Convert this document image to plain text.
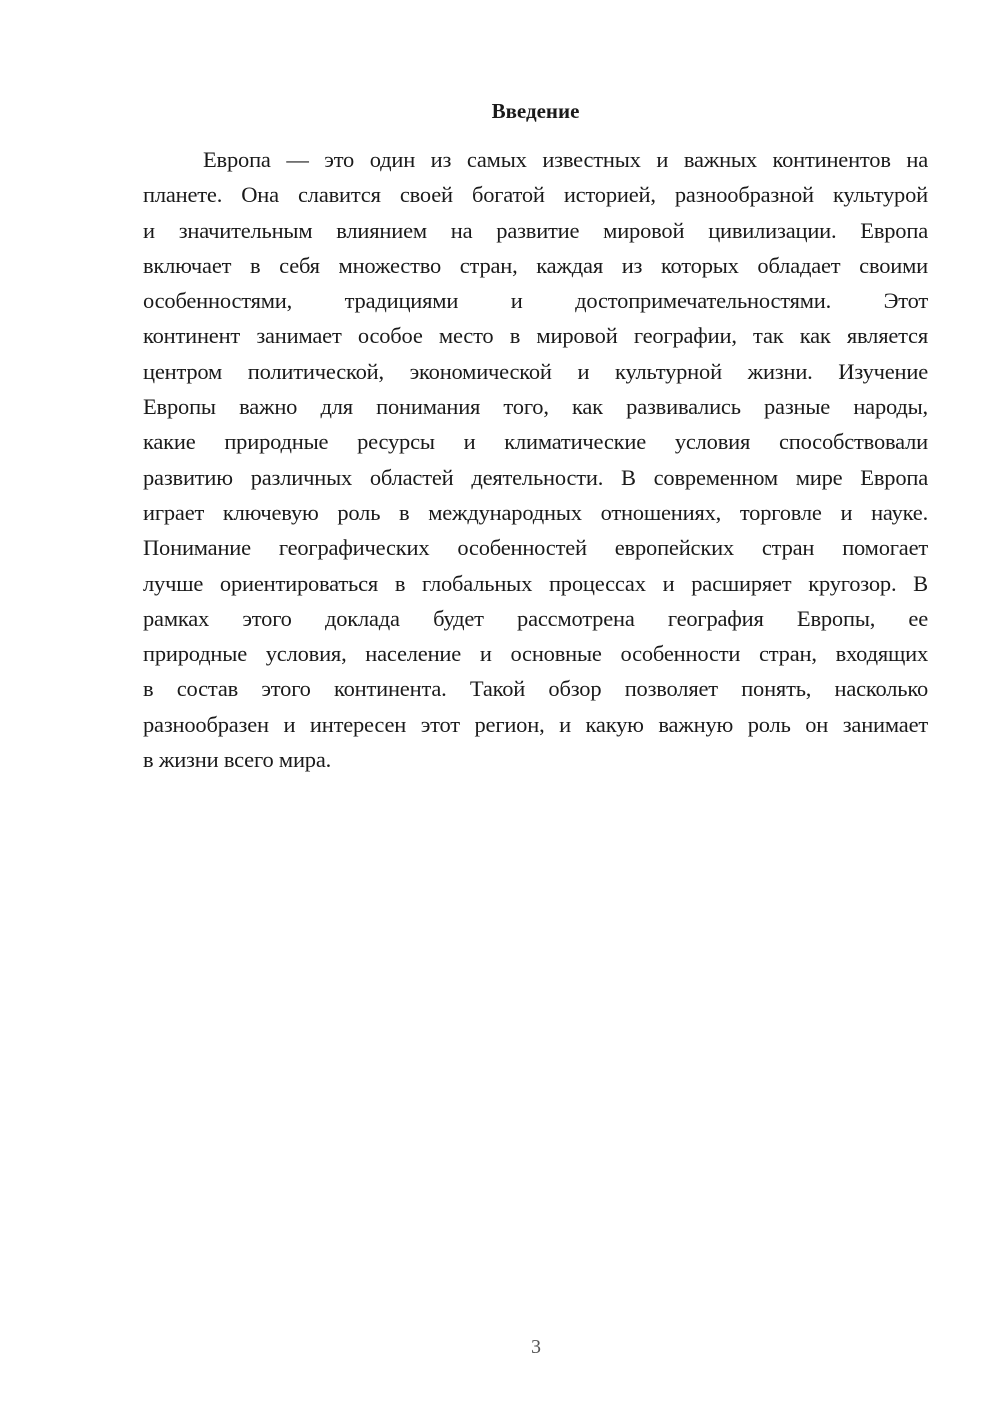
Введение
Европа — это один из самых известных и важных континентов на
планете. Она славится своей богатой историей, разнообразной культурой
и значительным влиянием на развитие мировой цивилизации. Европа
включает в себя множество стран, каждая из которых обладает своими
особенностями, традициями и достопримечательностями. Этот
континент занимает особое место в мировой географии, так как является
центром политической, экономической и культурной жизни. Изучение
Европы важно для понимания того, как развивались разные народы,
какие природные ресурсы и климатические условия способствовали
развитию различных областей деятельности. В современном мире Европа
играет ключевую роль в международных отношениях, торговле и науке.
Понимание географических особенностей европейских стран помогает
лучше ориентироваться в глобальных процессах и расширяет кругозор. В
рамках этого доклада будет рассмотрена география Европы, ее
природные условия, население и основные особенности стран, входящих
в состав этого континента. Такой обзор позволяет понять, насколько
разнообразен и интересен этот регион, и какую важную роль он занимает
в жизни всего мира.
3
